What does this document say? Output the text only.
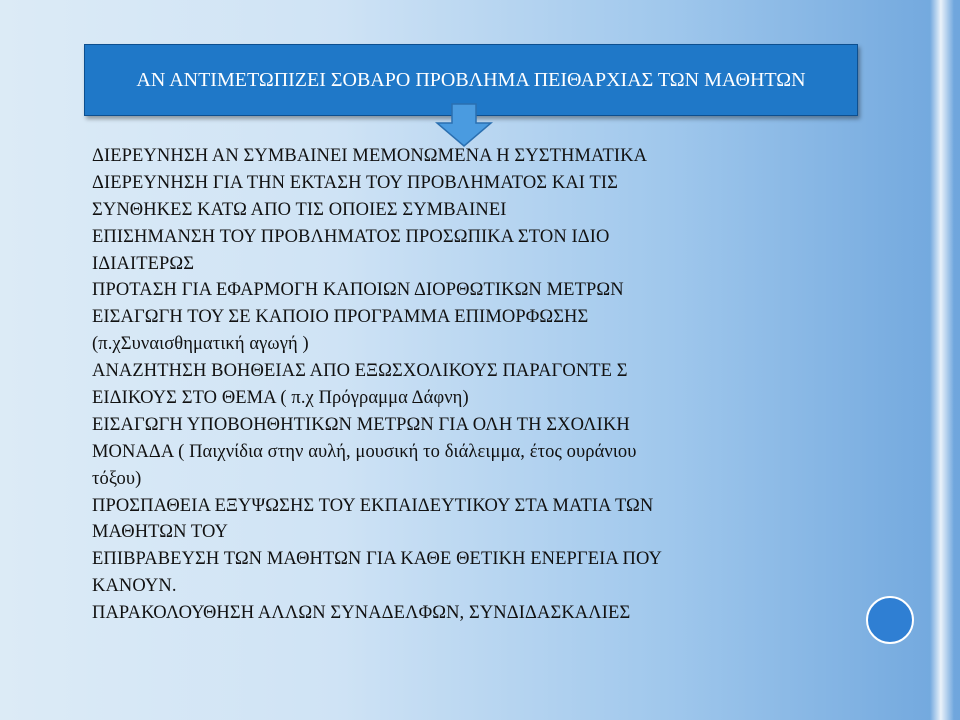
ΑΝ ΑΝΤΙΜΕΤΩΠΙΖΕΙ ΣΟΒΑΡΟ ΠΡΟΒΛΗΜΑ ΠΕΙΘΑΡΧΙΑΣ ΤΩΝ ΜΑΘΗΤΩΝ
ΔΙΕΡΕΥΝΗΣΗ ΑΝ ΣΥΜΒΑΙΝΕΙ ΜΕΜΟΝΩΜΕΝΑ Η ΣΥΣΤΗΜΑΤΙΚΑ
ΔΙΕΡΕΥΝΗΣΗ ΓΙΑ ΤΗΝ ΕΚΤΑΣΗ ΤΟΥ ΠΡΟΒΛΗΜΑΤΟΣ ΚΑΙ ΤΙΣ
ΣΥΝΘΗΚΕΣ ΚΑΤΩ ΑΠΟ ΤΙΣ ΟΠΟΙΕΣ ΣΥΜΒΑΙΝΕΙ
ΕΠΙΣΗΜΑΝΣΗ ΤΟΥ ΠΡΟΒΛΗΜΑΤΟΣ ΠΡΟΣΩΠΙΚΑ ΣΤΟΝ ΙΔΙΟ
ΙΔΙΑΙΤΕΡΩΣ
ΠΡΟΤΑΣΗ ΓΙΑ ΕΦΑΡΜΟΓΗ ΚΑΠΟΙΩΝ ΔΙΟΡΘΩΤΙΚΩΝ ΜΕΤΡΩΝ
ΕΙΣΑΓΩΓΗ ΤΟΥ ΣΕ ΚΑΠΟΙΟ ΠΡΟΓΡΑΜΜΑ ΕΠΙΜΟΡΦΩΣΗΣ
(π.χΣυναισθηματική αγωγή )
ΑΝΑΖΗΤΗΣΗ ΒΟΗΘΕΙΑΣ ΑΠΟ ΕΞΩΣΧΟΛΙΚΟΥΣ ΠΑΡΑΓΟΝΤΕ Σ
ΕΙΔΙΚΟΥΣ ΣΤΟ ΘΕΜΑ ( π.χ Πρόγραμμα Δάφνη)
ΕΙΣΑΓΩΓΗ ΥΠΟΒΟΗΘΗΤΙΚΩΝ ΜΕΤΡΩΝ ΓΙΑ ΟΛΗ ΤΗ ΣΧΟΛΙΚΗ
ΜΟΝΑΔΑ ( Παιχνίδια στην αυλή, μουσική το διάλειμμα, έτος ουράνιου
τόξου)
ΠΡΟΣΠΑΘΕΙΑ ΕΞΥΨΩΣΗΣ ΤΟΥ ΕΚΠΑΙΔΕΥΤΙΚΟΥ ΣΤΑ ΜΑΤΙΑ ΤΩΝ
ΜΑΘΗΤΩΝ ΤΟΥ
ΕΠΙΒΡΑΒΕΥΣΗ ΤΩΝ ΜΑΘΗΤΩΝ ΓΙΑ ΚΑΘΕ ΘΕΤΙΚΗ ΕΝΕΡΓΕΙΑ ΠΟΥ
ΚΑΝΟΥΝ.
ΠΑΡΑΚΟΛΟΥΘΗΣΗ ΑΛΛΩΝ ΣΥΝΑΔΕΛΦΩΝ, ΣΥΝΔΙΔΑΣΚΑΛΙΕΣ
